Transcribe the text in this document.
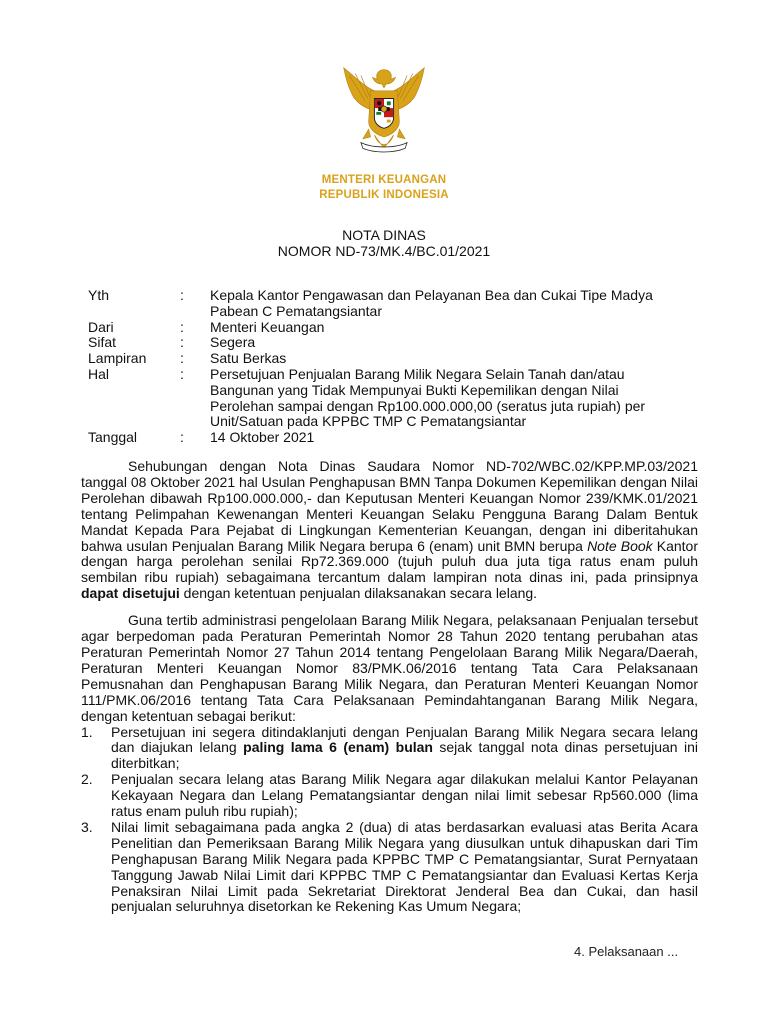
MENTERI KEUANGAN
REPUBLIK INDONESIA
NOTA DINAS
NOMOR ND-73/MK.4/BC.01/2021
Yth	:	Kepala Kantor Pengawasan dan Pelayanan Bea dan Cukai Tipe Madya
Pabean C Pematangsiantar

Dari	:	Menteri Keuangan

Sifat	:	Segera

Lampiran	:	Satu Berkas

Hal	:	Persetujuan Penjualan Barang Milik Negara Selain Tanah dan/atau
Bangunan yang Tidak Mempunyai Bukti Kepemilikan dengan Nilai
Perolehan sampai dengan Rp100.000.000,00 (seratus juta rupiah) per
Unit/Satuan pada KPPBC TMP C Pematangsiantar

Tanggal	:	14 Oktober 2021

Sehubungan dengan Nota Dinas Saudara Nomor ND-702/WBC.02/KPP.MP.03/2021 tanggal 08 Oktober 2021 hal Usulan Penghapusan BMN Tanpa Dokumen Kepemilikan dengan Nilai Perolehan dibawah Rp100.000.000,- dan Keputusan Menteri Keuangan Nomor 239/KMK.01/2021 tentang Pelimpahan Kewenangan Menteri Keuangan Selaku Pengguna Barang Dalam Bentuk Mandat Kepada Para Pejabat di Lingkungan Kementerian Keuangan, dengan ini diberitahukan bahwa usulan Penjualan Barang Milik Negara berupa 6 (enam) unit BMN berupa Note Book Kantor dengan harga perolehan senilai Rp72.369.000 (tujuh puluh dua juta tiga ratus enam puluh sembilan ribu rupiah) sebagaimana tercantum dalam lampiran nota dinas ini, pada prinsipnya dapat disetujui dengan ketentuan penjualan dilaksanakan secara lelang.

Guna tertib administrasi pengelolaan Barang Milik Negara, pelaksanaan Penjualan tersebut agar berpedoman pada Peraturan Pemerintah Nomor 28 Tahun 2020 tentang perubahan atas Peraturan Pemerintah Nomor 27 Tahun 2014 tentang Pengelolaan Barang Milik Negara/Daerah, Peraturan Menteri Keuangan Nomor 83/PMK.06/2016 tentang Tata Cara Pelaksanaan Pemusnahan dan Penghapusan Barang Milik Negara, dan Peraturan Menteri Keuangan Nomor 111/PMK.06/2016 tentang Tata Cara Pelaksanaan Pemindahtanganan Barang Milik Negara, dengan ketentuan sebagai berikut:

1. Persetujuan ini segera ditindaklanjuti dengan Penjualan Barang Milik Negara secara lelang dan diajukan lelang paling lama 6 (enam) bulan sejak tanggal nota dinas persetujuan ini diterbitkan;
2. Penjualan secara lelang atas Barang Milik Negara agar dilakukan melalui Kantor Pelayanan Kekayaan Negara dan Lelang Pematangsiantar dengan nilai limit sebesar Rp560.000 (lima ratus enam puluh ribu rupiah);
3. Nilai limit sebagaimana pada angka 2 (dua) di atas berdasarkan evaluasi atas Berita Acara Penelitian dan Pemeriksaan Barang Milik Negara yang diusulkan untuk dihapuskan dari Tim Penghapusan Barang Milik Negara pada KPPBC TMP C Pematangsiantar, Surat Pernyataan Tanggung Jawab Nilai Limit dari KPPBC TMP C Pematangsiantar dan Evaluasi Kertas Kerja Penaksiran Nilai Limit pada Sekretariat Direktorat Jenderal Bea dan Cukai, dan hasil penjualan seluruhnya disetorkan ke Rekening Kas Umum Negara;
4. Pelaksanaan ...
